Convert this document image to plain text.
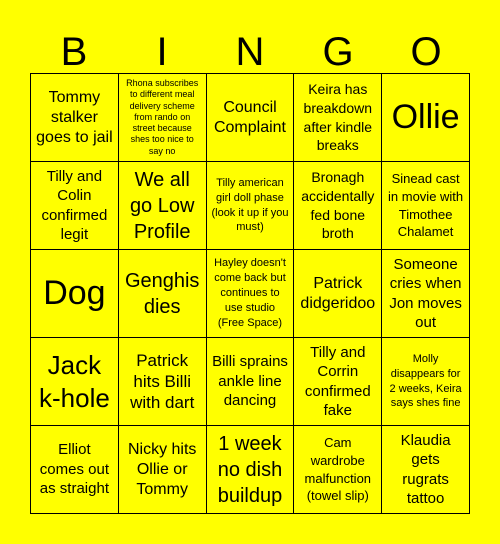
B	I	N	G	O
Tommy stalker goes to jail
Rhona subscribes to different meal delivery scheme from rando on street because shes too nice to say no
Council Complaint
Keira has breakdown after kindle breaks
Ollie
Tilly and Colin confirmed legit
We all go Low Profile
Tilly american girl doll phase (look it up if you must)
Bronagh accidentally fed bone broth
Sinead cast in movie with Timothee Chalamet
Dog Genghis dies
Hayley doesn't come back but continues to use studio (Free Space)
Patrick didgeridoo
Someone cries when Jon moves out
Jack k-hole
Patrick hits Billi with dart
Billi sprains ankle line dancing
Tilly and Corrin confirmed fake
Molly disappears for 2 weeks, Keira says shes fine
Elliot comes out as straight
Nicky hits Ollie or Tommy
1 week no dish buildup
Cam wardrobe malfunction (towel slip)
Klaudia gets rugrats tattoo
